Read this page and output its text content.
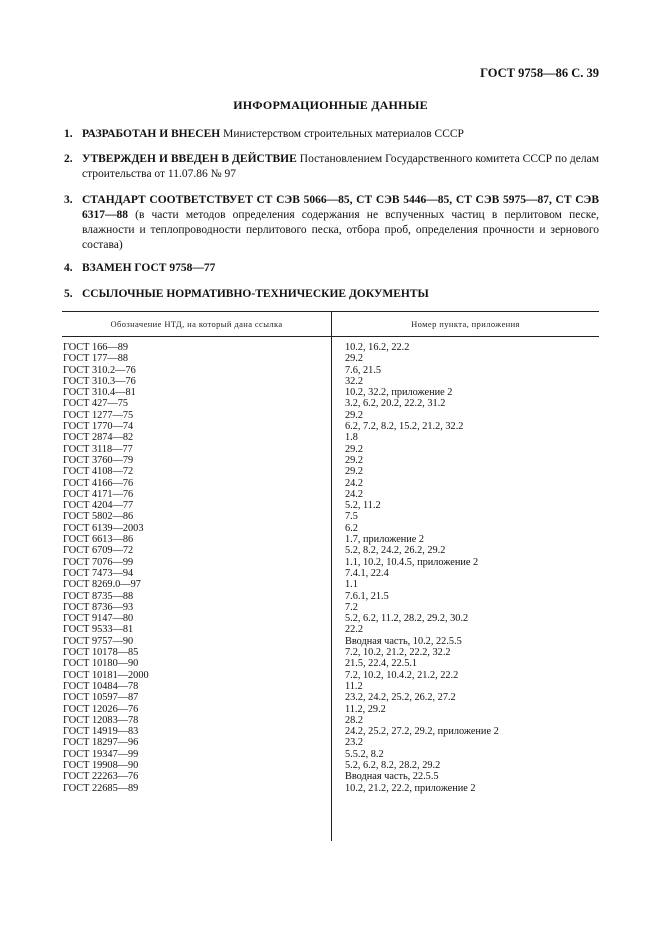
ГОСТ 9758—86 С. 39
ИНФОРМАЦИОННЫЕ ДАННЫЕ
1. РАЗРАБОТАН И ВНЕСЕН Министерством строительных материалов СССР
2. УТВЕРЖДЕН И ВВЕДЕН В ДЕЙСТВИЕ Постановлением Государственного комитета СССР по делам строительства от 11.07.86 № 97
3. СТАНДАРТ СООТВЕТСТВУЕТ СТ СЭВ 5066—85, СТ СЭВ 5446—85, СТ СЭВ 5975—87, СТ СЭВ 6317—88 (в части методов определения содержания не вспученных частиц в перлитовом песке, влажности и теплопроводности перлитового песка, отбора проб, определения прочности и зернового состава)
4. ВЗАМЕН ГОСТ 9758—77
5. ССЫЛОЧНЫЕ НОРМАТИВНО-ТЕХНИЧЕСКИЕ ДОКУМЕНТЫ
Обозначение НТД, на который дана ссылка	Номер пункта, приложения
ГОСТ 166—89	10.2, 16.2, 22.2
ГОСТ 177—88	29.2
ГОСТ 310.2—76	7.6, 21.5
ГОСТ 310.3—76	32.2
ГОСТ 310.4—81	10.2, 32.2, приложение 2
ГОСТ 427—75	3.2, 6.2, 20.2, 22.2, 31.2
ГОСТ 1277—75	29.2
ГОСТ 1770—74	6.2, 7.2, 8.2, 15.2, 21.2, 32.2
ГОСТ 2874—82	1.8
ГОСТ 3118—77	29.2
ГОСТ 3760—79	29.2
ГОСТ 4108—72	29.2
ГОСТ 4166—76	24.2
ГОСТ 4171—76	24.2
ГОСТ 4204—77	5.2, 11.2
ГОСТ 5802—86	7.5
ГОСТ 6139—2003	6.2
ГОСТ 6613—86	1.7, приложение 2
ГОСТ 6709—72	5.2, 8.2, 24.2, 26.2, 29.2
ГОСТ 7076—99	1.1, 10.2, 10.4.5, приложение 2
ГОСТ 7473—94	7.4.1, 22.4
ГОСТ 8269.0—97	1.1
ГОСТ 8735—88	7.6.1, 21.5
ГОСТ 8736—93	7.2
ГОСТ 9147—80	5.2, 6.2, 11.2, 28.2, 29.2, 30.2
ГОСТ 9533—81	22.2
ГОСТ 9757—90	Вводная часть, 10.2, 22.5.5
ГОСТ 10178—85	7.2, 10.2, 21.2, 22.2, 32.2
ГОСТ 10180—90	21.5, 22.4, 22.5.1
ГОСТ 10181—2000	7.2, 10.2, 10.4.2, 21.2, 22.2
ГОСТ 10484—78	11.2
ГОСТ 10597—87	23.2, 24.2, 25.2, 26.2, 27.2
ГОСТ 12026—76	11.2, 29.2
ГОСТ 12083—78	28.2
ГОСТ 14919—83	24.2, 25.2, 27.2, 29.2, приложение 2
ГОСТ 18297—96	23.2
ГОСТ 19347—99	5.5.2, 8.2
ГОСТ 19908—90	5.2, 6.2, 8.2, 28.2, 29.2
ГОСТ 22263—76	Вводная часть, 22.5.5
ГОСТ 22685—89	10.2, 21.2, 22.2, приложение 2
